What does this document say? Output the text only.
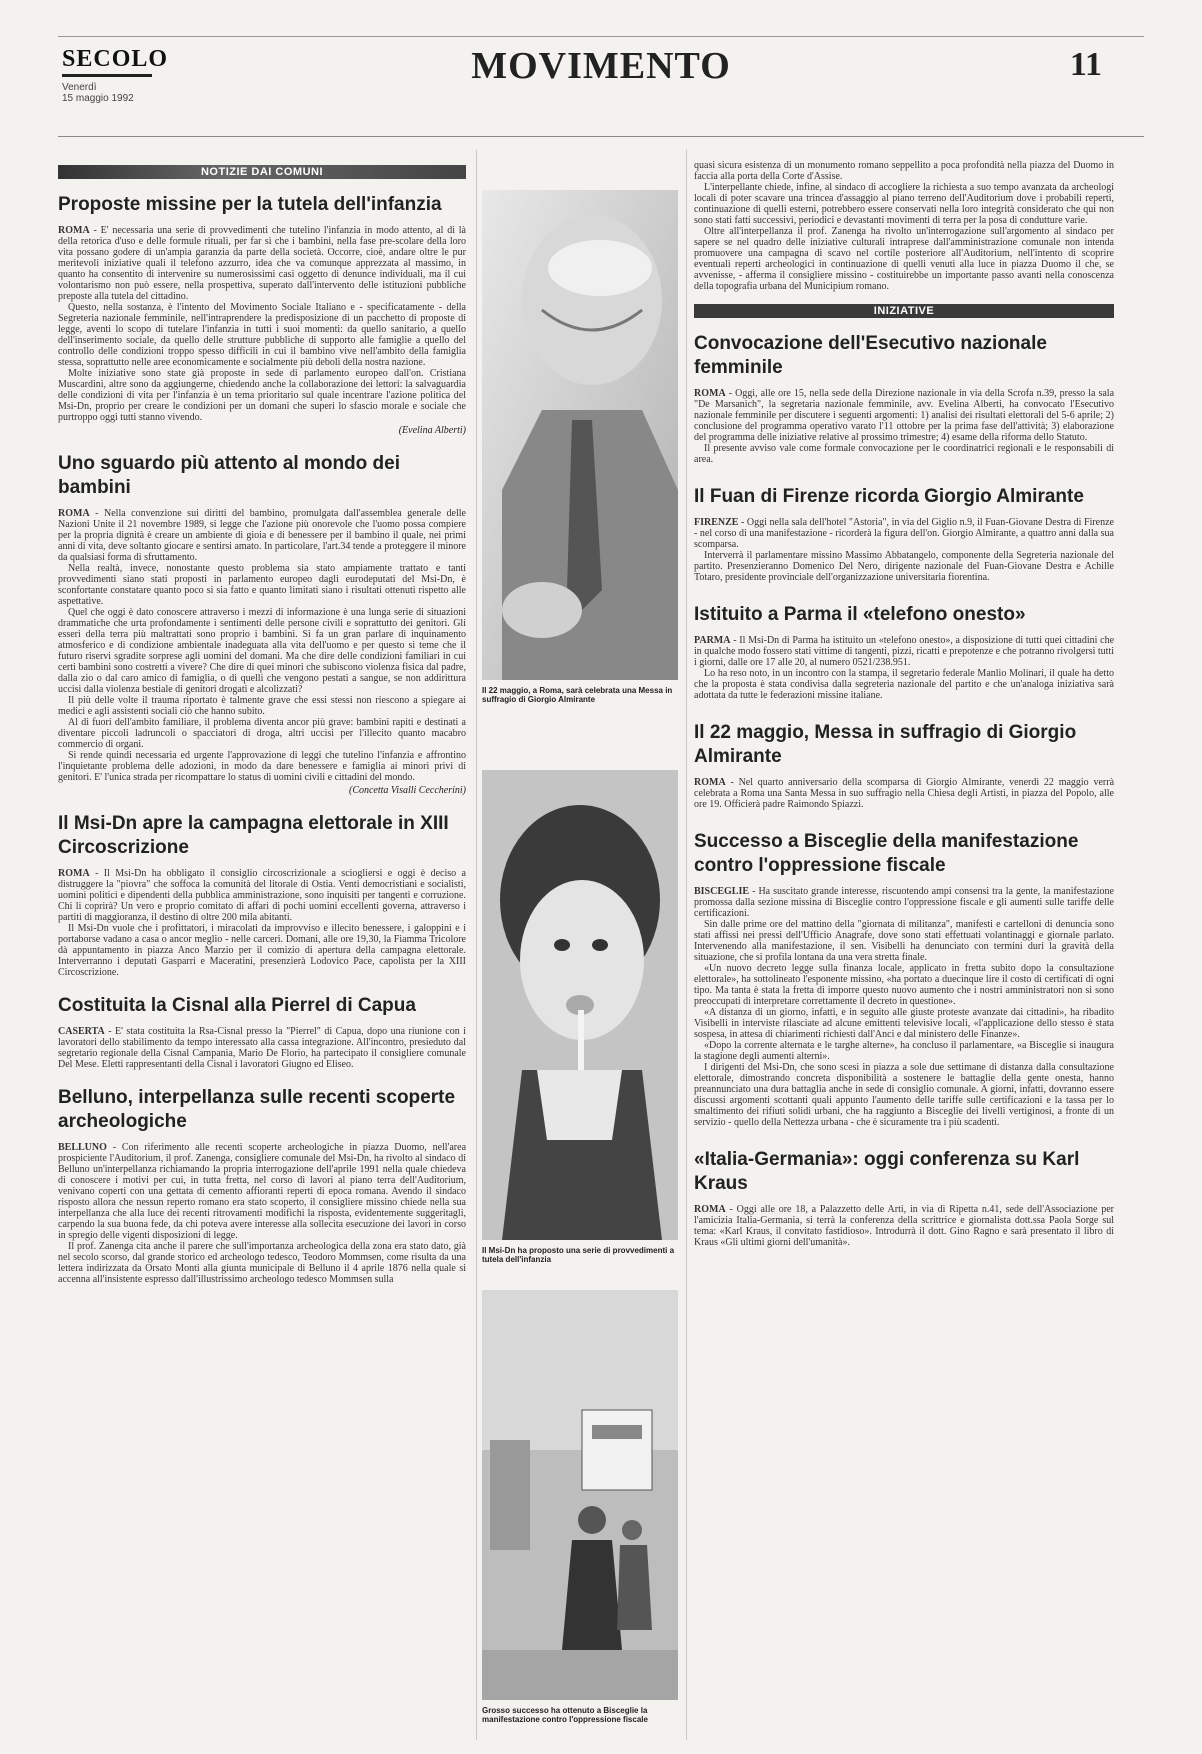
SECOLO
Venerdì
15 maggio 1992
MOVIMENTO	11
NOTIZIE DAI COMUNI
Proposte missine per la tutela dell'infanzia

ROMA - E' necessaria una serie di provvedimenti che tutelino l'infanzia in modo attento, al di là della retorica d'uso e delle formule rituali, per far sì che i bambini, nella fase pre-scolare della loro vita possano godere di un'ampia garanzia da parte della società. Occorre, cioè, andare oltre le pur meritevoli iniziative quali il telefono azzurro, idea che va comunque apprezzata al massimo, in quanto ha consentito di intervenire su numerosissimi casi oggetto di denunce individuali, ma il cui volontarismo non può essere, nella prospettiva, superato dall'intervento delle istituzioni pubbliche preposte alla tutela del cittadino.

Questo, nella sostanza, è l'intento del Movimento Sociale Italiano e - specificatamente - della Segreteria nazionale femminile, nell'intraprendere la predisposizione di un pacchetto di proposte di legge, aventi lo scopo di tutelare l'infanzia in tutti i suoi momenti: da quello sanitario, a quello dell'inserimento sociale, da quello delle strutture pubbliche di supporto alle famiglie a quello del controllo delle condizioni troppo spesso difficili in cui il bambino vive nell'ambito della famiglia stessa, soprattutto nelle aree economicamente e socialmente più deboli della nostra nazione.

Molte iniziative sono state già proposte in sede di parlamento europeo dall'on. Cristiana Muscardini, altre sono da aggiungerne, chiedendo anche la collaborazione dei lettori: la salvaguardia delle condizioni di vita per l'infanzia è un tema prioritario sul quale incentrare l'azione politica del Msi-Dn, proprio per creare le condizioni per un domani che superi lo sfascio morale e sociale che purtroppo oggi tutti stanno vivendo.

(Evelina Alberti)
Uno sguardo più attento al mondo dei bambini

ROMA - Nella convenzione sui diritti del bambino, promulgata dall'assemblea generale delle Nazioni Unite il 21 novembre 1989, si legge che l'azione più onorevole che l'uomo possa compiere per la propria dignità è creare un ambiente di gioia e di benessere per il bambino il quale, nei primi anni di vita, deve soltanto giocare e sentirsi amato. In particolare, l'art.34 tende a proteggere il minore da qualsiasi forma di sfruttamento.

Nella realtà, invece, nonostante questo problema sia stato ampiamente trattato e tanti provvedimenti siano stati proposti in parlamento europeo dagli eurodeputati del Msi-Dn, è sconfortante constatare quanto poco si sia fatto e quanto limitati siano i risultati ottenuti rispetto alle aspettative.

Quel che oggi è dato conoscere attraverso i mezzi di informazione è una lunga serie di situazioni drammatiche che urta profondamente i sentimenti delle persone civili e soprattutto dei genitori. Gli esseri della terra più maltrattati sono proprio i bambini. Si fa un gran parlare di inquinamento atmosferico e di condizione ambientale inadeguata alla vita dell'uomo e per questo si teme che il futuro riservi sgradite sorprese agli uomini del domani. Ma che dire delle condizioni familiari in cui certi bambini sono costretti a vivere? Che dire di quei minori che subiscono violenza fisica dal padre, dalla zio o dal caro amico di famiglia, o di quelli che vengono pestati a sangue, se non addirittura uccisi dalla violenza bestiale di genitori drogati e alcolizzati?

Il più delle volte il trauma riportato è talmente grave che essi stessi non riescono a spiegare ai medici e agli assistenti sociali ciò che hanno subito.

Al di fuori dell'ambito familiare, il problema diventa ancor più grave: bambini rapiti e destinati a diventare piccoli ladruncoli o spacciatori di droga, altri uccisi per l'illecito quanto macabro commercio di organi.

Si rende quindi necessaria ed urgente l'approvazione di leggi che tutelino l'infanzia e affrontino l'inquietante problema delle adozioni, in modo da dare benessere e famiglia ai minori privi di genitori. E' l'unica strada per ricompattare lo status di uomini civili e cittadini del mondo.

(Concetta Visalli Ceccherini)
Il Msi-Dn apre la campagna elettorale in XIII Circoscrizione

ROMA - Il Msi-Dn ha obbligato il consiglio circoscrizionale a sciogliersi e oggi è deciso a distruggere la "piovra" che soffoca la comunità del litorale di Ostia. Venti democristiani e socialisti, uomini politici e dipendenti della pubblica amministrazione, sono inquisiti per tangenti e corruzione. Chi li coprirà? Un vero e proprio comitato di affari di pochi uomini eccellenti governa, attraverso i partiti di maggioranza, il destino di oltre 200 mila abitanti.

Il Msi-Dn vuole che i profittatori, i miracolati da improvviso e illecito benessere, i galoppini e i portaborse vadano a casa o ancor meglio - nelle carceri. Domani, alle ore 19,30, la Fiamma Tricolore dà appuntamento in piazza Anco Marzio per il comizio di apertura della campagna elettorale. Interverranno i deputati Gasparri e Maceratini, presenzierà Lodovico Pace, capolista per la XIII Circoscrizione.

Costituita la Cisnal alla Pierrel di Capua

CASERTA - E' stata costituita la Rsa-Cisnal presso la "Pierrel" di Capua, dopo una riunione con i lavoratori dello stabilimento da tempo interessato alla cassa integrazione. All'incontro, presieduto dal segretario regionale della Cisnal Campania, Mario De Florio, ha partecipato il consigliere comunale Del Mese. Eletti rappresentanti della Cisnal i lavoratori Giugno ed Eliseo.

Belluno, interpellanza sulle recenti scoperte archeologiche

BELLUNO - Con riferimento alle recenti scoperte archeologiche in piazza Duomo, nell'area prospiciente l'Auditorium, il prof. Zanenga, consigliere comunale del Msi-Dn, ha rivolto al sindaco di Belluno un'interpellanza richiamando la propria interrogazione dell'aprile 1991 nella quale chiedeva di conoscere i motivi per cui, in tutta fretta, nel corso di lavori al piano terra dell'Auditorium, venivano coperti con una gettata di cemento affioranti reperti di epoca romana. Avendo il sindaco risposto allora che nessun reperto romano era stato scoperto, il consigliere missino chiede nella sua interpellanza che alla luce dei recenti ritrovamenti modifichi la risposta, evidentemente suggeritagli, carpendo la sua buona fede, da chi poteva avere interesse alla sollecita esecuzione dei lavori in corso in spregio delle vigenti disposizioni di legge.

Il prof. Zanenga cita anche il parere che sull'importanza archeologica della zona era stato dato, già nel secolo scorso, dal grande storico ed archeologo tedesco, Teodoro Mommsen, come risulta da una lettera indirizzata da Orsato Monti alla giunta municipale di Belluno il 4 aprile 1876 nella quale si accenna all'insistente espresso dall'illustrissimo archeologo tedesco Mommsen sulla

Il 22 maggio, a Roma, sarà celebrata una Messa in suffragio di Giorgio Almirante
Il Msi-Dn ha proposto una serie di provvedimenti a tutela dell'infanzia
Grosso successo ha ottenuto a Bisceglie la manifestazione contro l'oppressione fiscale

quasi sicura esistenza di un monumento romano seppellito a poca profondità nella piazza del Duomo in faccia alla porta della Corte d'Assise.

L'interpellante chiede, infine, al sindaco di accogliere la richiesta a suo tempo avanzata da archeologi locali di poter scavare una trincea d'assaggio al piano terreno dell'Auditorium dove i probabili reperti, continuazione di quelli esterni, potrebbero essere conservati nella loro integrità considerato che qui non sono stati fatti successivi, periodici e devastanti movimenti di terra per la posa di condutture varie.

Oltre all'interpellanza il prof. Zanenga ha rivolto un'interrogazione sull'argomento al sindaco per sapere se nel quadro delle iniziative culturali intraprese dall'amministrazione comunale non intenda promuovere una campagna di scavo nel cortile posteriore all'Auditorium, nell'intento di scoprire eventuali reperti archeologici in continuazione di quelli venuti alla luce in piazza Duomo il che, se avvenisse, - afferma il consigliere missino - costituirebbe un importante passo avanti nella conoscenza della topografia urbana del Municipium romano.

INIZIATIVE
Convocazione dell'Esecutivo nazionale femminile

ROMA - Oggi, alle ore 15, nella sede della Direzione nazionale in via della Scrofa n.39, presso la sala "De Marsanich", la segretaria nazionale femminile, avv. Evelina Alberti, ha convocato l'Esecutivo nazionale femminile per discutere i seguenti argomenti: 1) analisi dei risultati elettorali del 5-6 aprile; 2) conclusione del programma operativo varato l'11 ottobre per la prima fase dell'attività; 3) elaborazione del programma delle iniziative relative al prossimo trimestre; 4) esame della riforma dello Statuto.

Il presente avviso vale come formale convocazione per le coordinatrici regionali e le responsabili di area.

Il Fuan di Firenze ricorda Giorgio Almirante

FIRENZE - Oggi nella sala dell'hotel "Astoria", in via del Giglio n.9, il Fuan-Giovane Destra di Firenze - nel corso di una manifestazione - ricorderà la figura dell'on. Giorgio Almirante, a quattro anni dalla sua scomparsa.

Interverrà il parlamentare missino Massimo Abbatangelo, componente della Segreteria nazionale del partito. Presenzieranno Domenico Del Nero, dirigente nazionale del Fuan-Giovane Destra e Achille Totaro, presidente provinciale dell'organizzazione universitaria fiorentina.

Istituito a Parma il «telefono onesto»

PARMA - Il Msi-Dn di Parma ha istituito un «telefono onesto», a disposizione di tutti quei cittadini che in qualche modo fossero stati vittime di tangenti, pizzi, ricatti e prepotenze e che potranno rivolgersi tutti i giorni, dalle ore 17 alle 20, al numero 0521/238.951.

Lo ha reso noto, in un incontro con la stampa, il segretario federale Manlio Molinari, il quale ha detto che la proposta è stata condivisa dalla segreteria nazionale del partito e che un'analoga iniziativa sarà adottata da tutte le federazioni missine italiane.

Il 22 maggio, Messa in suffragio di Giorgio Almirante

ROMA - Nel quarto anniversario della scomparsa di Giorgio Almirante, venerdì 22 maggio verrà celebrata a Roma una Santa Messa in suo suffragio nella Chiesa degli Artisti, in piazza del Popolo, alle ore 19. Officierà padre Raimondo Spiazzi.

Successo a Bisceglie della manifestazione contro l'oppressione fiscale

BISCEGLIE - Ha suscitato grande interesse, riscuotendo ampi consensi tra la gente, la manifestazione promossa dalla sezione missina di Bisceglie contro l'oppressione fiscale e gli aumenti sulle tariffe delle certificazioni.

Sin dalle prime ore del mattino della "giornata di militanza", manifesti e cartelloni di denuncia sono stati affissi nei pressi dell'Ufficio Anagrafe, dove sono stati effettuati volantinaggi e giornale parlato. Intervenendo alla manifestazione, il sen. Visibelli ha denunciato con termini duri la gravità della situazione, che si profila lontana da una vera stretta finale.

«Un nuovo decreto legge sulla finanza locale, applicato in fretta subito dopo la consultazione elettorale», ha sottolineato l'esponente missino, «ha portato a duecinque lire il costo di certificati di ogni tipo. Ma tanta è stata la fretta di imporre questo nuovo aumento che i nostri amministratori non si sono preoccupati di interpretare correttamente il decreto in questione».

«A distanza di un giorno, infatti, e in seguito alle giuste proteste avanzate dai cittadini», ha ribadito Visibelli in interviste rilasciate ad alcune emittenti televisive locali, «l'applicazione dello stesso è stata sospesa, in attesa di chiarimenti richiesti dall'Anci e dal ministero delle Finanze».

«Dopo la corrente alternata e le targhe alterne», ha concluso il parlamentare, «a Bisceglie si inaugura la stagione degli aumenti alterni».

I dirigenti del Msi-Dn, che sono scesi in piazza a sole due settimane di distanza dalla consultazione elettorale, dimostrando concreta disponibilità a sostenere le battaglie della gente onesta, hanno preannunciato una dura battaglia anche in sede di consiglio comunale. A giorni, infatti, dovranno essere discussi argomenti scottanti quali appunto l'aumento delle tariffe sulle certificazioni e la tassa per lo smaltimento dei rifiuti solidi urbani, che ha raggiunto a Bisceglie dei livelli vertiginosi, a fronte di un servizio - quello della Nettezza urbana - che è sicuramente tra i più scadenti.

«Italia-Germania»: oggi conferenza su Karl Kraus

ROMA - Oggi alle ore 18, a Palazzetto delle Arti, in via di Ripetta n.41, sede dell'Associazione per l'amicizia Italia-Germania, si terrà la conferenza della scrittrice e giornalista dott.ssa Paola Sorge sul tema: «Karl Kraus, il convitato fastidioso». Introdurrà il dott. Gino Ragno e sarà presentato il libro di Kraus «Gli ultimi giorni dell'umanità».
